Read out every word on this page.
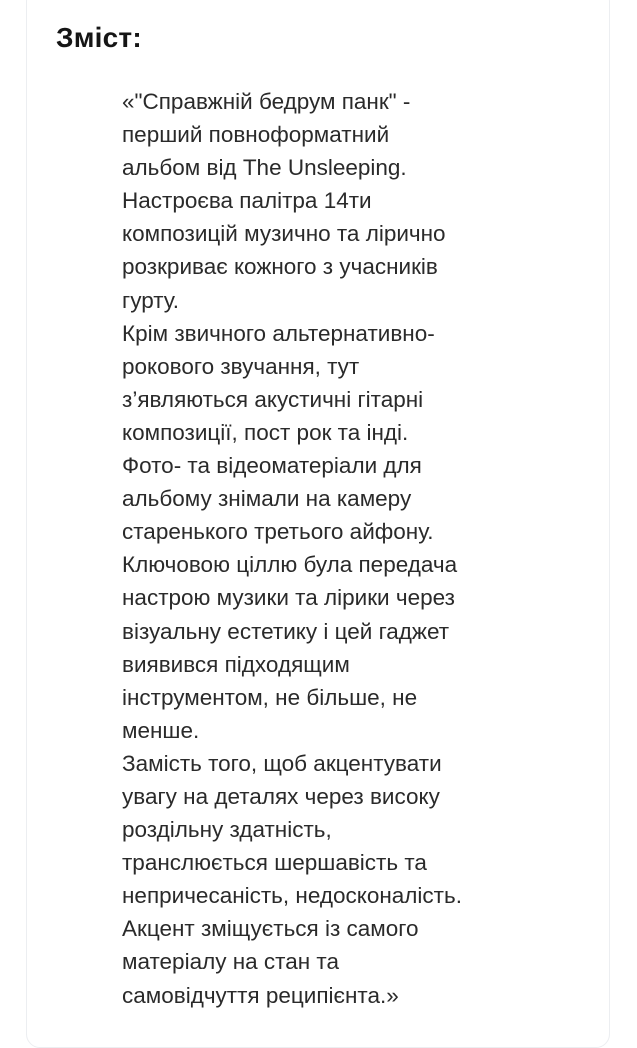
Зміст:

«"Справжній бедрум панк" -
перший повноформатний
альбом від The Unsleeping.
Настроєва палітра 14ти
композицій музично та лірично
розкриває кожного з учасників
гурту.
Крім звичного альтернативно-
рокового звучання, тут
з’являються акустичні гітарні
композиції, пост рок та інді.
Фото- та відеоматеріали для
альбому знімали на камеру
старенького третього айфону.
Ключовою ціллю була передача
настрою музики та лірики через
візуальну естетику і цей гаджет
виявився підходящим
інструментом, не більше, не
менше.
Замість того, щоб акцентувати
увагу на деталях через високу
роздільну здатність,
транслюється шершавість та
непричесаність, недосконалість.
Акцент зміщується із самого
матеріалу на стан та
самовідчуття реципієнта.»
